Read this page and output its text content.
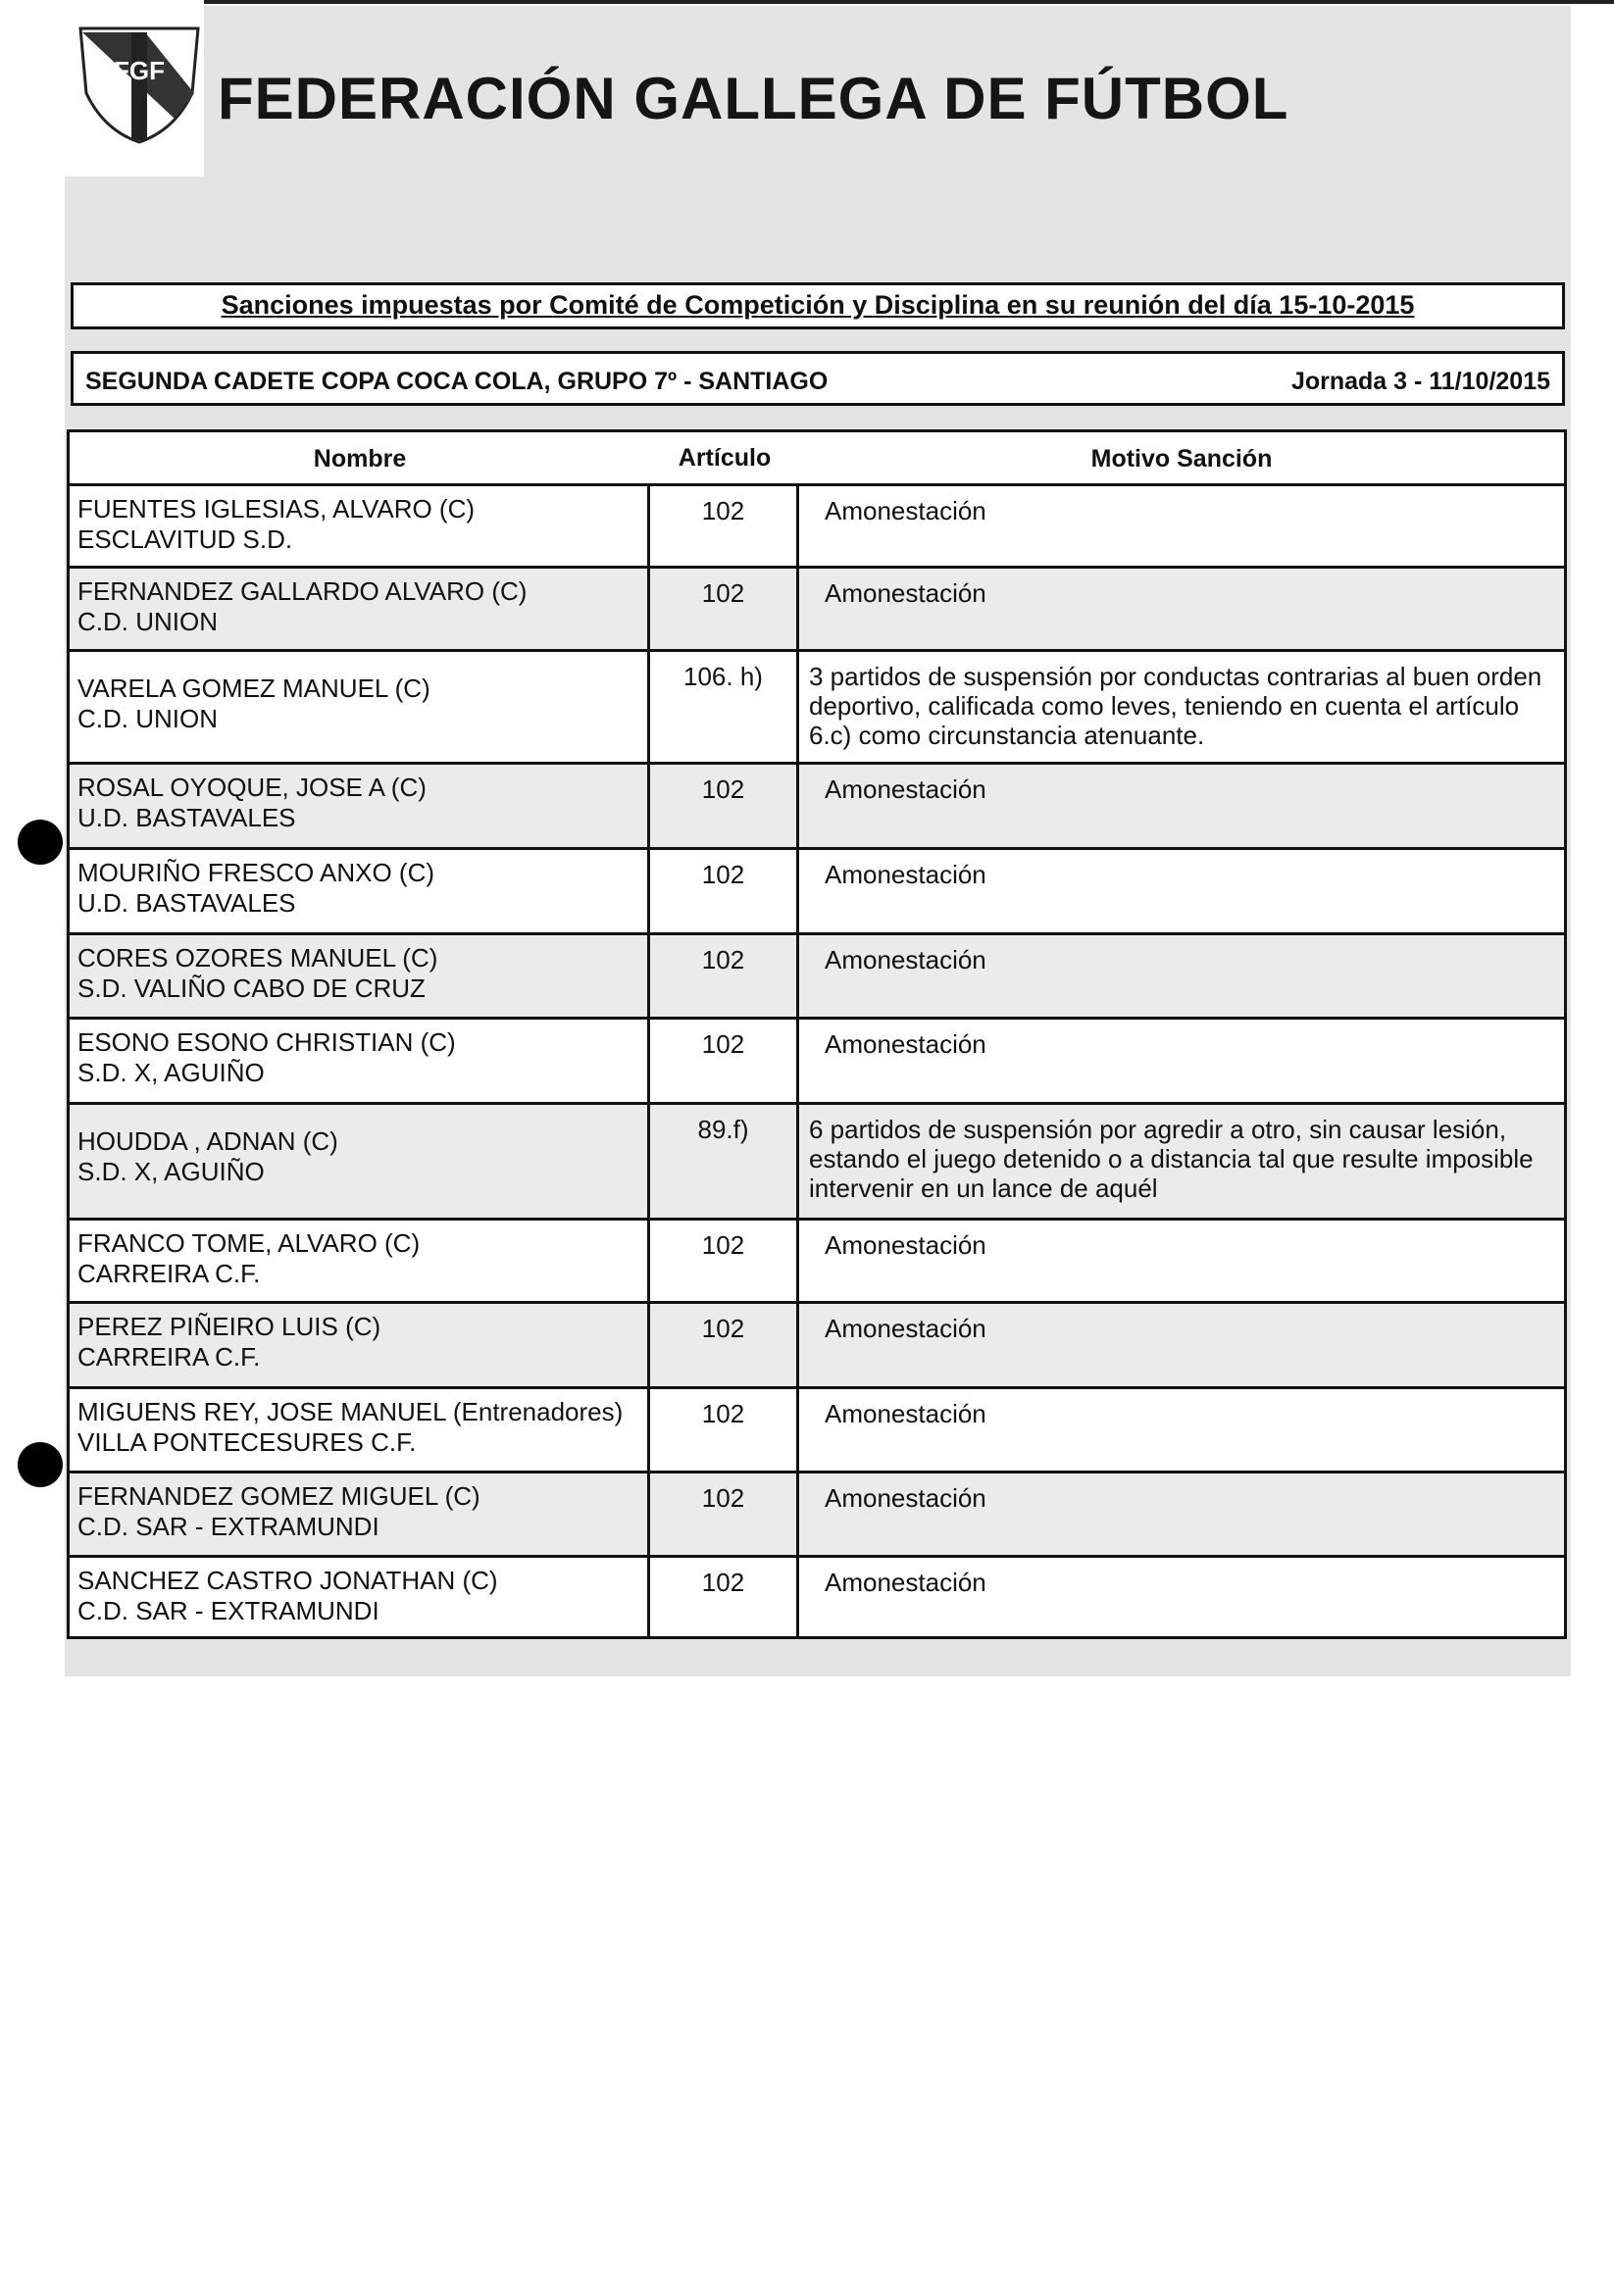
FGF FEDERACIÓN GALLEGA DE FÚTBOL
Sanciones impuestas por Comité de Competición y Disciplina en su reunión del día 15-10-2015
SEGUNDA CADETE COPA COCA COLA, GRUPO 7º - SANTIAGO	Jornada 3 - 11/10/2015
Nombre	Artículo	Motivo Sanción
FUENTES IGLESIAS, ALVARO (C)
ESCLAVITUD S.D.
102	Amonestación
FERNANDEZ GALLARDO ALVARO (C)
C.D. UNION
102	Amonestación
VARELA GOMEZ MANUEL (C)
C.D. UNION
106. h)	3 partidos de suspensión por conductas contrarias al buen orden deportivo, calificada como leves, teniendo en cuenta el artículo 6.c) como circunstancia atenuante.
ROSAL OYOQUE, JOSE A (C)
U.D. BASTAVALES
102	Amonestación
MOURIÑO FRESCO ANXO (C)
U.D. BASTAVALES
102	Amonestación
CORES OZORES MANUEL (C)
S.D. VALIÑO CABO DE CRUZ
102	Amonestación
ESONO ESONO CHRISTIAN (C)
S.D. X, AGUIÑO
102	Amonestación
HOUDDA , ADNAN (C)
S.D. X, AGUIÑO
89.f)	6 partidos de suspensión por agredir a otro, sin causar lesión, estando el juego detenido o a distancia tal que resulte imposible intervenir en un lance de aquél
FRANCO TOME, ALVARO (C)
CARREIRA C.F.
102	Amonestación
PEREZ PIÑEIRO LUIS (C)
CARREIRA C.F.
102	Amonestación
MIGUENS REY, JOSE MANUEL (Entrenadores)
VILLA PONTECESURES C.F.
102	Amonestación
FERNANDEZ GOMEZ MIGUEL (C)
C.D. SAR - EXTRAMUNDI
102	Amonestación
SANCHEZ CASTRO JONATHAN (C)
C.D. SAR - EXTRAMUNDI
102	Amonestación
